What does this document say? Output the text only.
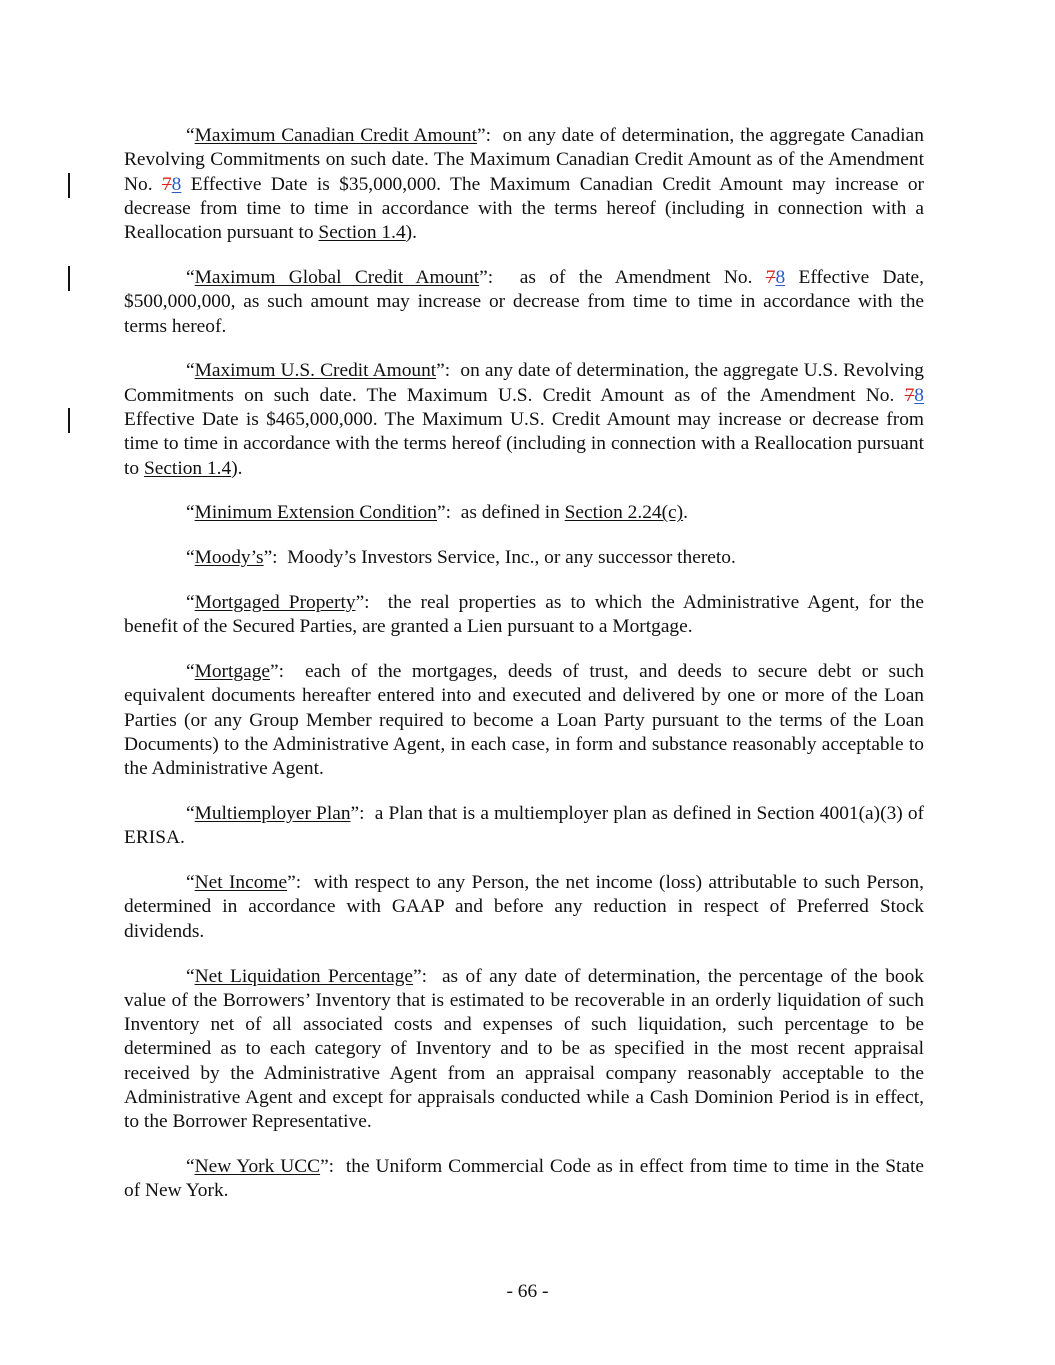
“Maximum Canadian Credit Amount”:  on any date of determination, the aggregate Canadian Revolving Commitments on such date. The Maximum Canadian Credit Amount as of the Amendment No. 78 Effective Date is $35,000,000. The Maximum Canadian Credit Amount may increase or decrease from time to time in accordance with the terms hereof (including in connection with a Reallocation pursuant to Section 1.4).

“Maximum Global Credit Amount”:  as of the Amendment No. 78 Effective Date, $500,000,000, as such amount may increase or decrease from time to time in accordance with the terms hereof.

“Maximum U.S. Credit Amount”:  on any date of determination, the aggregate U.S. Revolving Commitments on such date. The Maximum U.S. Credit Amount as of the Amendment No. 78 Effective Date is $465,000,000. The Maximum U.S. Credit Amount may increase or decrease from time to time in accordance with the terms hereof (including in connection with a Reallocation pursuant to Section 1.4).

“Minimum Extension Condition”:  as defined in Section 2.24(c).

“Moody’s”:  Moody’s Investors Service, Inc., or any successor thereto.

“Mortgaged Property”:  the real properties as to which the Administrative Agent, for the benefit of the Secured Parties, are granted a Lien pursuant to a Mortgage.

“Mortgage”:  each of the mortgages, deeds of trust, and deeds to secure debt or such equivalent documents hereafter entered into and executed and delivered by one or more of the Loan Parties (or any Group Member required to become a Loan Party pursuant to the terms of the Loan Documents) to the Administrative Agent, in each case, in form and substance reasonably acceptable to the Administrative Agent.

“Multiemployer Plan”:  a Plan that is a multiemployer plan as defined in Section 4001(a)(3) of ERISA.

“Net Income”:  with respect to any Person, the net income (loss) attributable to such Person, determined in accordance with GAAP and before any reduction in respect of Preferred Stock dividends.

“Net Liquidation Percentage”:  as of any date of determination, the percentage of the book value of the Borrowers’ Inventory that is estimated to be recoverable in an orderly liquidation of such Inventory net of all associated costs and expenses of such liquidation, such percentage to be determined as to each category of Inventory and to be as specified in the most recent appraisal received by the Administrative Agent from an appraisal company reasonably acceptable to the Administrative Agent and except for appraisals conducted while a Cash Dominion Period is in effect, to the Borrower Representative.

“New York UCC”:  the Uniform Commercial Code as in effect from time to time in the State of New York.

- 66 -
